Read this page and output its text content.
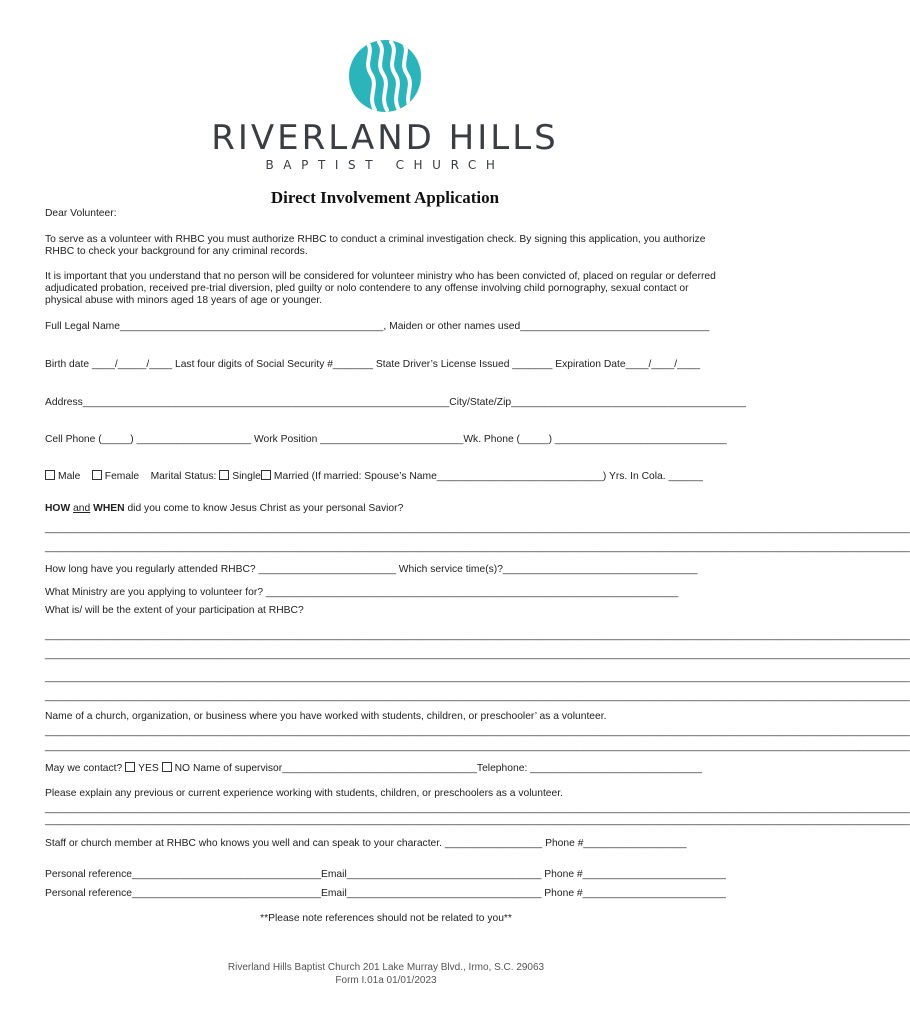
RIVERLAND HILLS
BAPTIST CHURCH
Direct Involvement Application
Dear Volunteer:
To serve as a volunteer with RHBC you must authorize RHBC to conduct a criminal investigation check. By signing this application, you authorize RHBC to check your background for any criminal records.
It is important that you understand that no person will be considered for volunteer ministry who has been convicted of, placed on regular or deferred adjudicated probation, received pre-trial diversion, pled guilty or nolo contendere to any offense involving child pornography, sexual contact or physical abuse with minors aged 18 years of age or younger.
Full Legal Name______________________________________________, Maiden or other names used_________________________________
Birth date ____/_____/____ Last four digits of Social Security #_______ State Driver’s License Issued _______ Expiration Date____/____/____
Address________________________________________________________________City/State/Zip_________________________________________
Cell Phone (_____) ____________________ Work Position _________________________Wk. Phone (_____) ______________________________
Male Female Marital Status: Single Married (If married: Spouse’s Name_____________________________) Yrs. In Cola. ______
HOW and WHEN did you come to know Jesus Christ as your personal Savior?
_______________________________________________________________________________________________________________________________________________________
_______________________________________________________________________________________________________________________________________________________
How long have you regularly attended RHBC? ________________________ Which service time(s)?__________________________________
What Ministry are you applying to volunteer for? ________________________________________________________________________
What is/ will be the extent of your participation at RHBC?
_______________________________________________________________________________________________________________________________________________________
_______________________________________________________________________________________________________________________________________________________
_______________________________________________________________________________________________________________________________________________________
_______________________________________________________________________________________________________________________________________________________
Name of a church, organization, or business where you have worked with students, children, or preschooler’ as a volunteer.
_______________________________________________________________________________________________________________________________________________________
_______________________________________________________________________________________________________________________________________________________
May we contact? YES NO Name of supervisor__________________________________Telephone: ______________________________
Please explain any previous or current experience working with students, children, or preschoolers as a volunteer.
_______________________________________________________________________________________________________________________________________________________
_______________________________________________________________________________________________________________________________________________________
Staff or church member at RHBC who knows you well and can speak to your character. _________________ Phone #__________________
Personal reference_________________________________Email__________________________________ Phone #_________________________
Personal reference_________________________________Email__________________________________ Phone #_________________________
**Please note references should not be related to you**
Riverland Hills Baptist Church 201 Lake Murray Blvd., Irmo, S.C. 29063
Form I.01a 01/01/2023
